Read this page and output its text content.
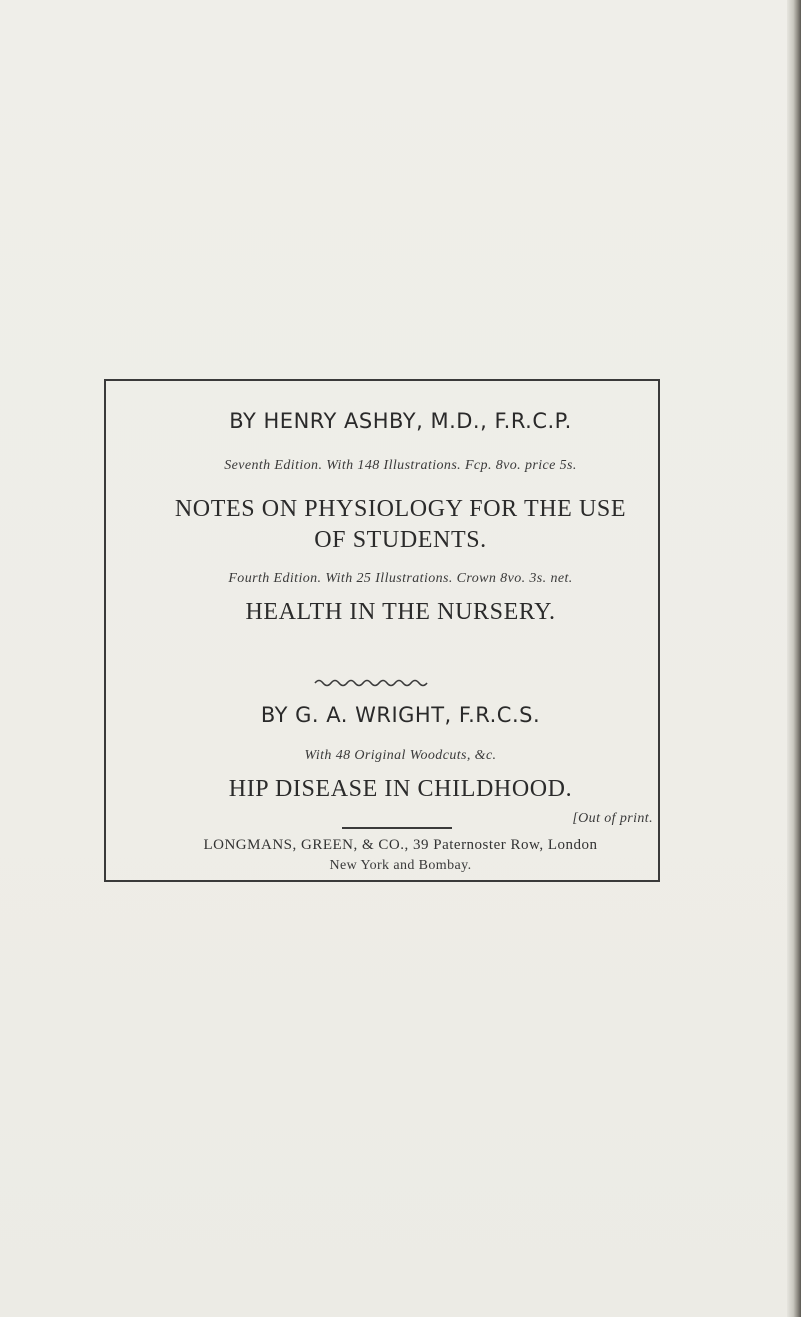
BY HENRY ASHBY, M.D., F.R.C.P.
Seventh Edition. With 148 Illustrations. Fcp. 8vo. price 5s.
NOTES ON PHYSIOLOGY FOR THE USE
OF STUDENTS.
Fourth Edition. With 25 Illustrations. Crown 8vo. 3s. net.
HEALTH IN THE NURSERY.
BY G. A. WRIGHT, F.R.C.S.
With 48 Original Woodcuts, &c.
HIP DISEASE IN CHILDHOOD.
[Out of print.
LONGMANS, GREEN, & CO., 39 Paternoster Row, London
New York and Bombay.
